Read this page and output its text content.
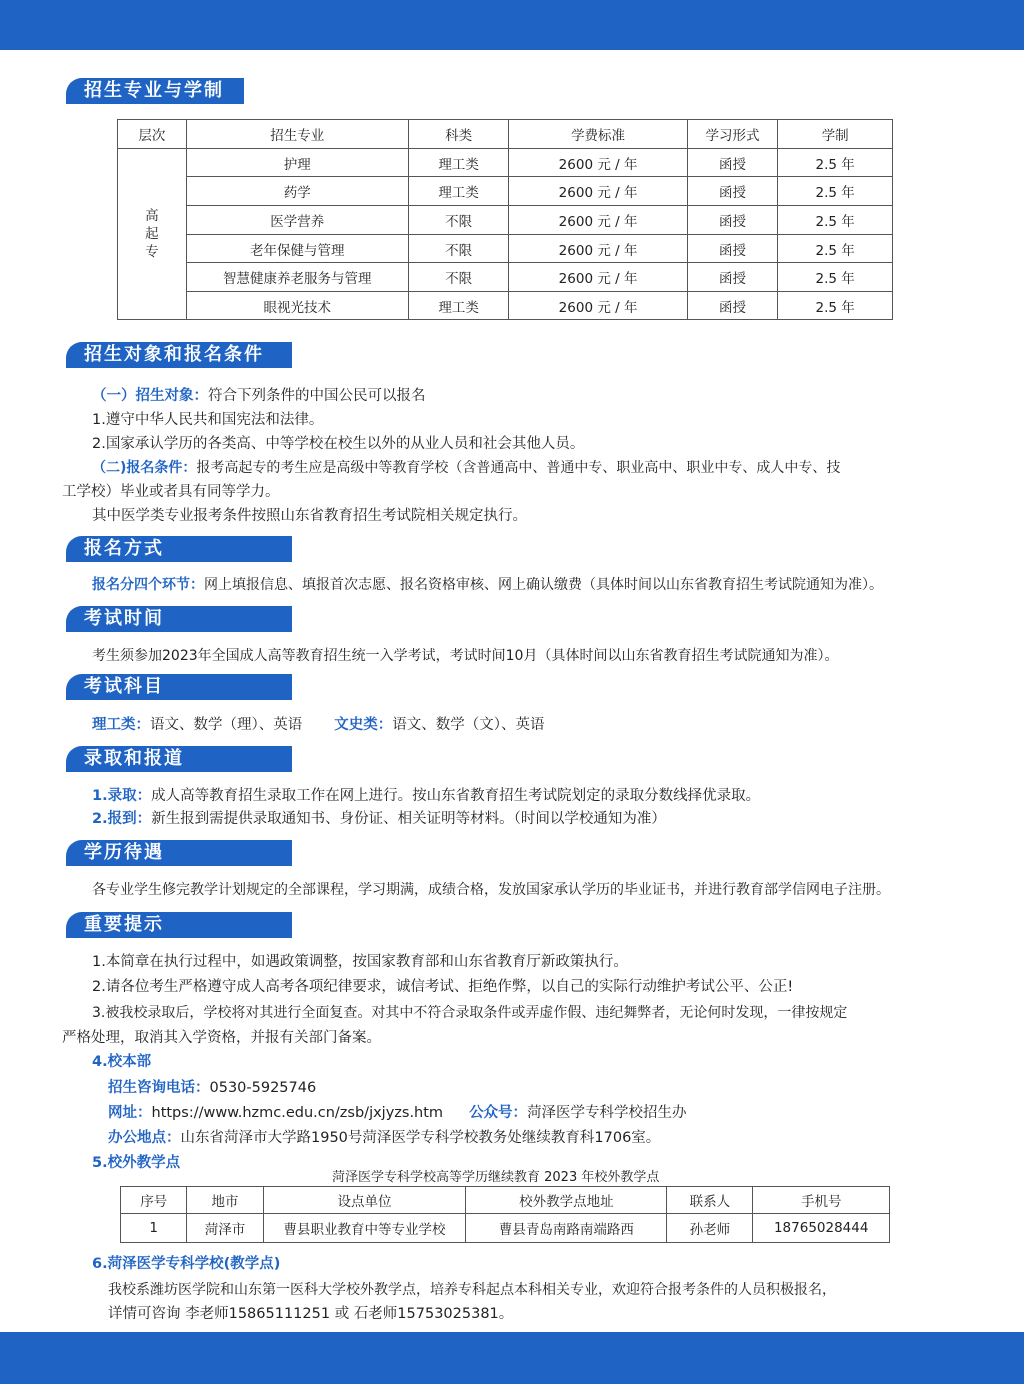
招生专业与学制
层次	招生专业	科类	学费标准	学习形式	学制

高起专	护理	理工类	2600 元 / 年	函授	2.5 年
	药学	理工类	2600 元 / 年	函授	2.5 年
	医学营养	不限	2600 元 / 年	函授	2.5 年
	老年保健与管理	不限	2600 元 / 年	函授	2.5 年
	智慧健康养老服务与管理	不限	2600 元 / 年	函授	2.5 年
	眼视光技术	理工类	2600 元 / 年	函授	2.5 年
招生对象和报名条件
（一）招生对象：符合下列条件的中国公民可以报名
1.遵守中华人民共和国宪法和法律。
2.国家承认学历的各类高、中等学校在校生以外的从业人员和社会其他人员。
（二)报名条件：报考高起专的考生应是高级中等教育学校（含普通高中、普通中专、职业高中、职业中专、成人中专、技
工学校）毕业或者具有同等学力。
其中医学类专业报考条件按照山东省教育招生考试院相关规定执行。
报名方式
报名分四个环节：网上填报信息、填报首次志愿、报名资格审核、网上确认缴费（具体时间以山东省教育招生考试院通知为准）。
考试时间
考生须参加2023年全国成人高等教育招生统一入学考试，考试时间10月（具体时间以山东省教育招生考试院通知为准）。
考试科目
理工类：语文、数学（理）、英语 文史类：语文、数学（文）、英语
录取和报道
1.录取：成人高等教育招生录取工作在网上进行。按山东省教育招生考试院划定的录取分数线择优录取。
2.报到：新生报到需提供录取通知书、身份证、相关证明等材料。（时间以学校通知为准）
学历待遇
各专业学生修完教学计划规定的全部课程，学习期满，成绩合格，发放国家承认学历的毕业证书，并进行教育部学信网电子注册。
重要提示
1.本简章在执行过程中，如遇政策调整，按国家教育部和山东省教育厅新政策执行。
2.请各位考生严格遵守成人高考各项纪律要求，诚信考试、拒绝作弊，以自己的实际行动维护考试公平、公正!
3.被我校录取后，学校将对其进行全面复查。对其中不符合录取条件或弄虚作假、违纪舞弊者，无论何时发现，一律按规定
严格处理，取消其入学资格，并报有关部门备案。
4.校本部
招生咨询电话：0530-5925746
网址：https://www.hzmc.edu.cn/zsb/jxjyzs.htm 公众号：菏泽医学专科学校招生办
办公地点：山东省菏泽市大学路1950号菏泽医学专科学校教务处继续教育科1706室。
5.校外教学点
菏泽医学专科学校高等学历继续教育 2023 年校外教学点
序号	地市	设点单位	校外教学点地址	联系人	手机号
1	菏泽市	曹县职业教育中等专业学校	曹县青岛南路南端路西	孙老师	18765028444
6.菏泽医学专科学校(教学点)
我校系潍坊医学院和山东第一医科大学校外教学点，培养专科起点本科相关专业，欢迎符合报考条件的人员积极报名，
详情可咨询 李老师15865111251 或 石老师15753025381。
